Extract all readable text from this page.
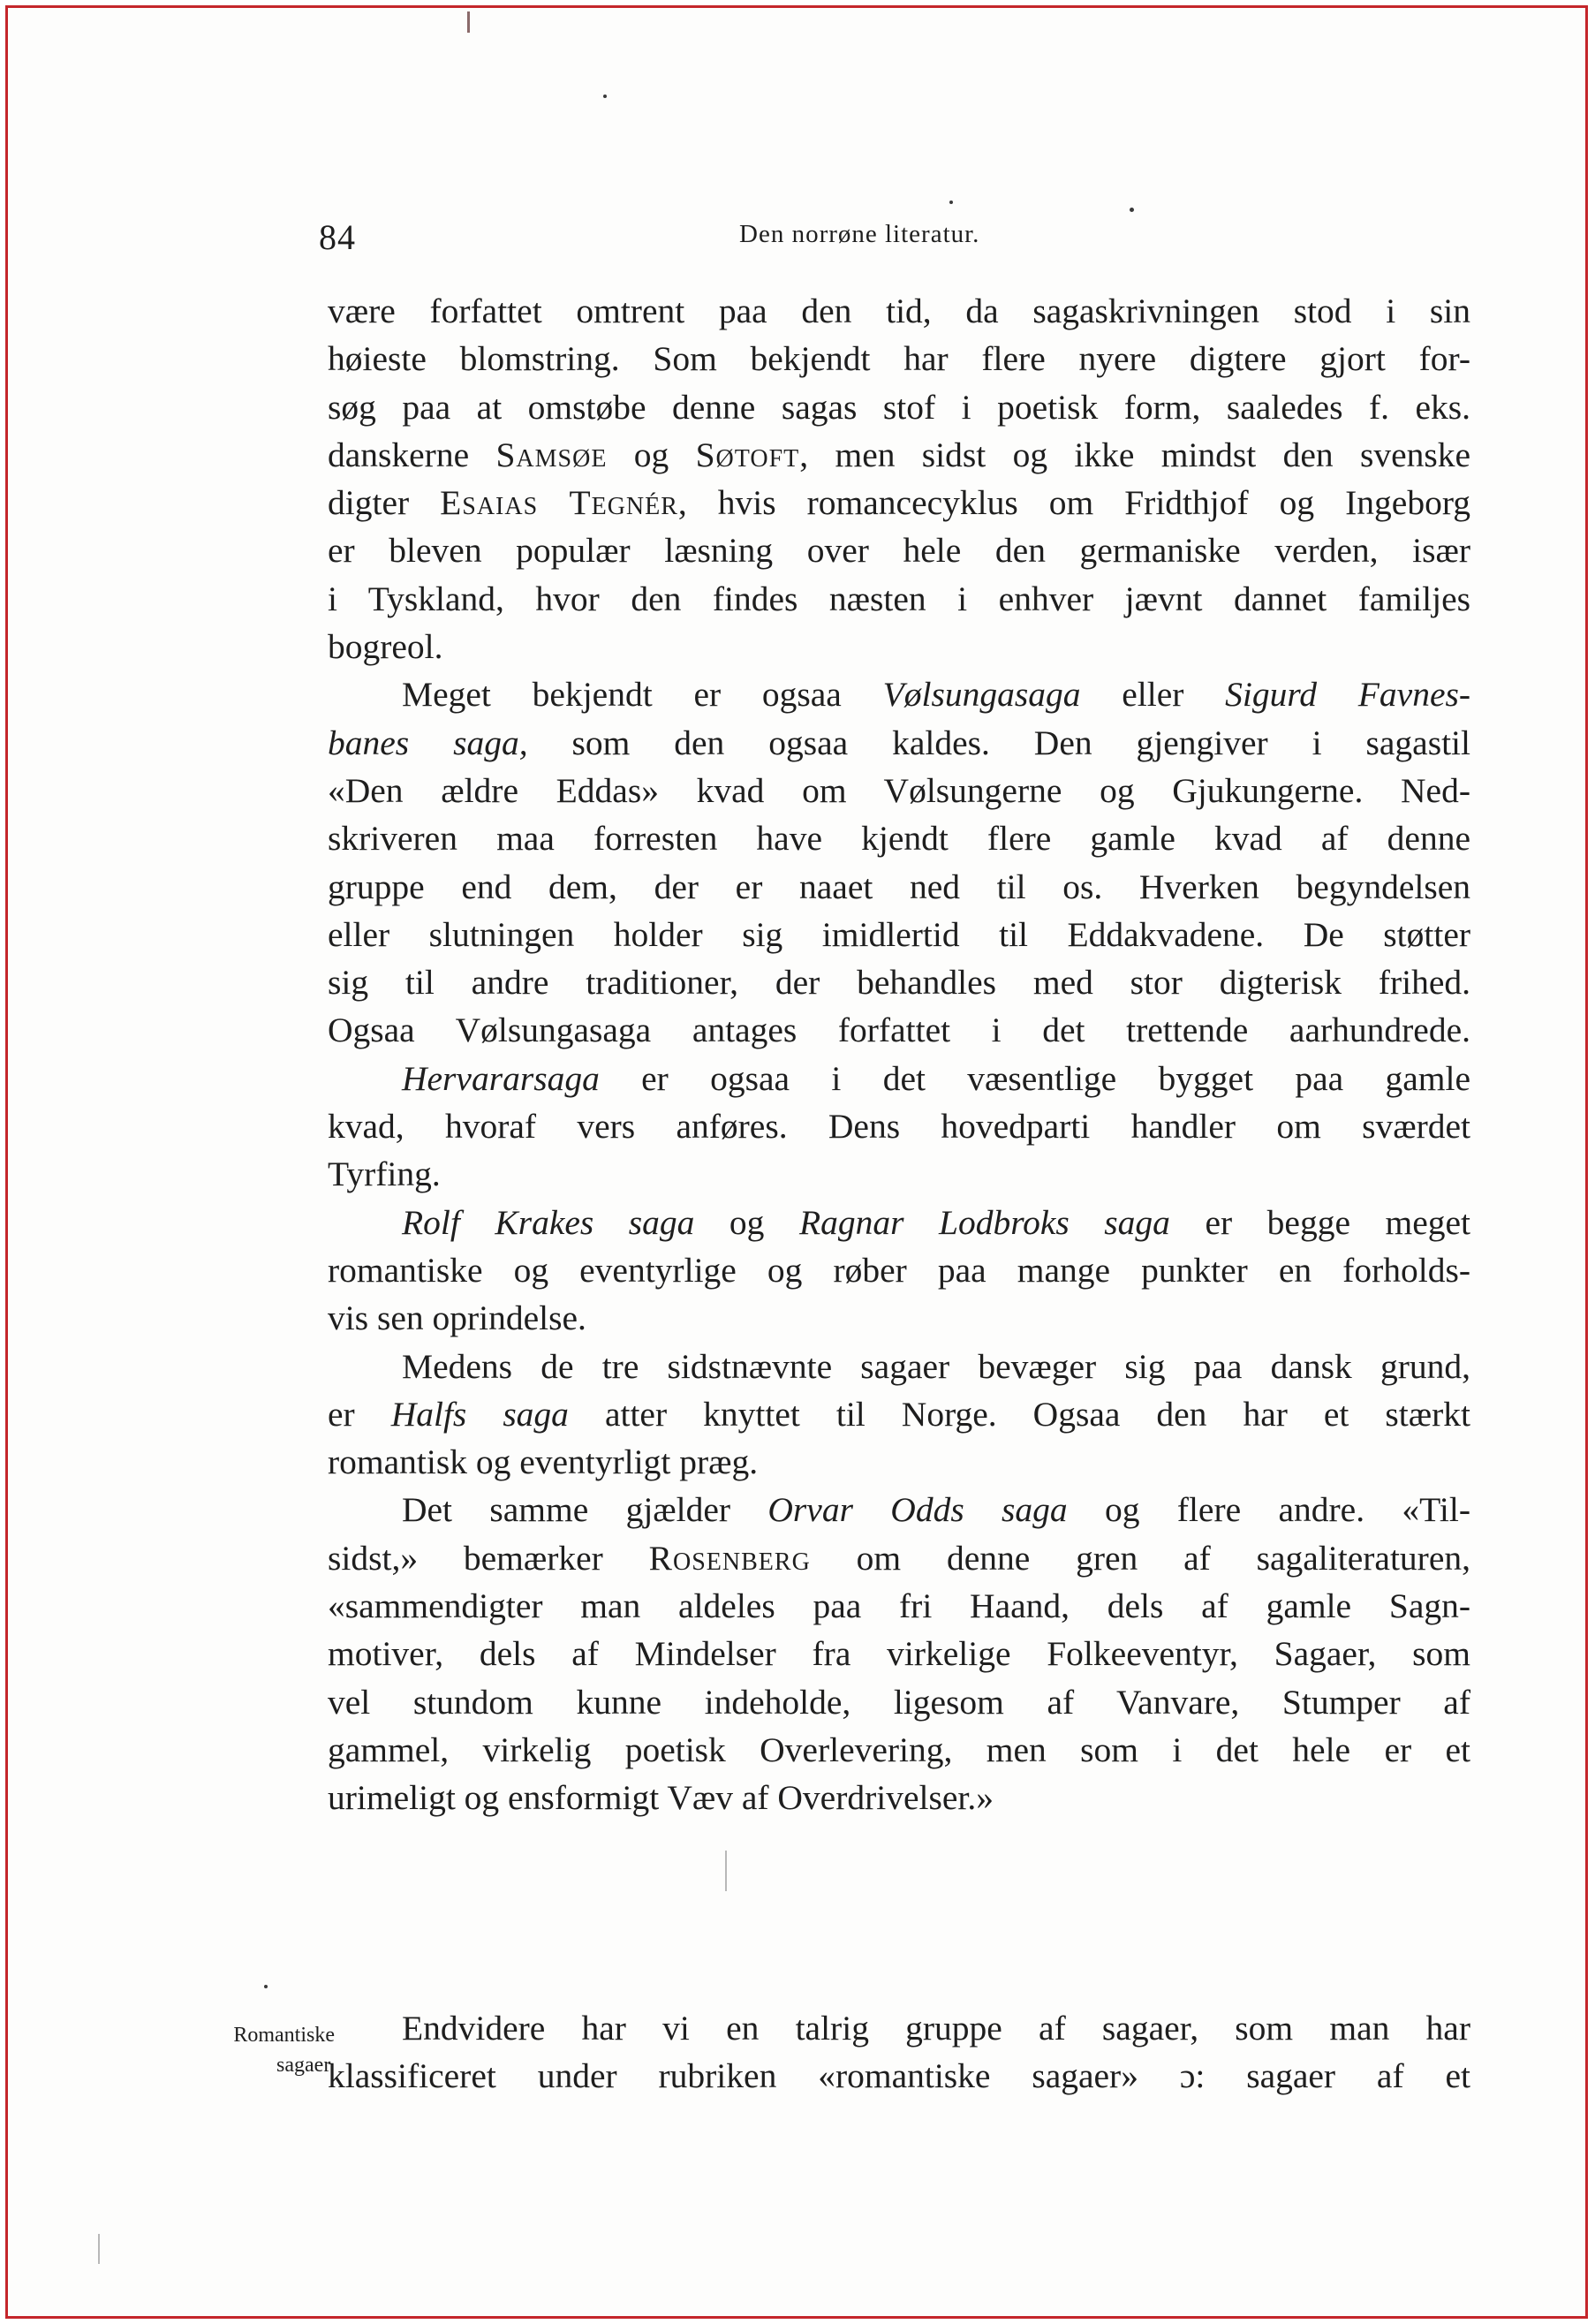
84	Den norrøne literatur.
være forfattet omtrent paa den tid, da sagaskrivningen stod i sin
høieste blomstring. Som bekjendt har flere nyere digtere gjort for-
søg paa at omstøbe denne sagas stof i poetisk form, saaledes f. eks.
danskerne Samsøe og Søtoft, men sidst og ikke mindst den svenske
digter Esaias Tegnér, hvis romancecyklus om Fridthjof og Ingeborg
er bleven populær læsning over hele den germaniske verden, især
i Tyskland, hvor den findes næsten i enhver jævnt dannet familjes
bogreol.
Meget bekjendt er ogsaa Vølsungasaga eller Sigurd Favnes-
banes saga, som den ogsaa kaldes. Den gjengiver i sagastil
«Den ældre Eddas» kvad om Vølsungerne og Gjukungerne. Ned-
skriveren maa forresten have kjendt flere gamle kvad af denne
gruppe end dem, der er naaet ned til os. Hverken begyndelsen
eller slutningen holder sig imidlertid til Eddakvadene. De støtter
sig til andre traditioner, der behandles med stor digterisk frihed.
Ogsaa Vølsungasaga antages forfattet i det trettende aarhundrede.
Hervararsaga er ogsaa i det væsentlige bygget paa gamle
kvad, hvoraf vers anføres. Dens hovedparti handler om sværdet
Tyrfing.
Rolf Krakes saga og Ragnar Lodbroks saga er begge meget
romantiske og eventyrlige og røber paa mange punkter en forholds-
vis sen oprindelse.
Medens de tre sidstnævnte sagaer bevæger sig paa dansk grund,
er Halfs saga atter knyttet til Norge. Ogsaa den har et stærkt
romantisk og eventyrligt præg.
Det samme gjælder Orvar Odds saga og flere andre. «Til-
sidst,» bemærker Rosenberg om denne gren af sagaliteraturen,
«sammendigter man aldeles paa fri Haand, dels af gamle Sagn-
motiver, dels af Mindelser fra virkelige Folkeeventyr, Sagaer, som
vel stundom kunne indeholde, ligesom af Vanvare, Stumper af
gammel, virkelig poetisk Overlevering, men som i det hele er et
urimeligt og ensformigt Væv af Overdrivelser.»
Romantiske
sagaer.
Endvidere har vi en talrig gruppe af sagaer, som man har
klassificeret under rubriken «romantiske sagaer» ɔ: sagaer af et
